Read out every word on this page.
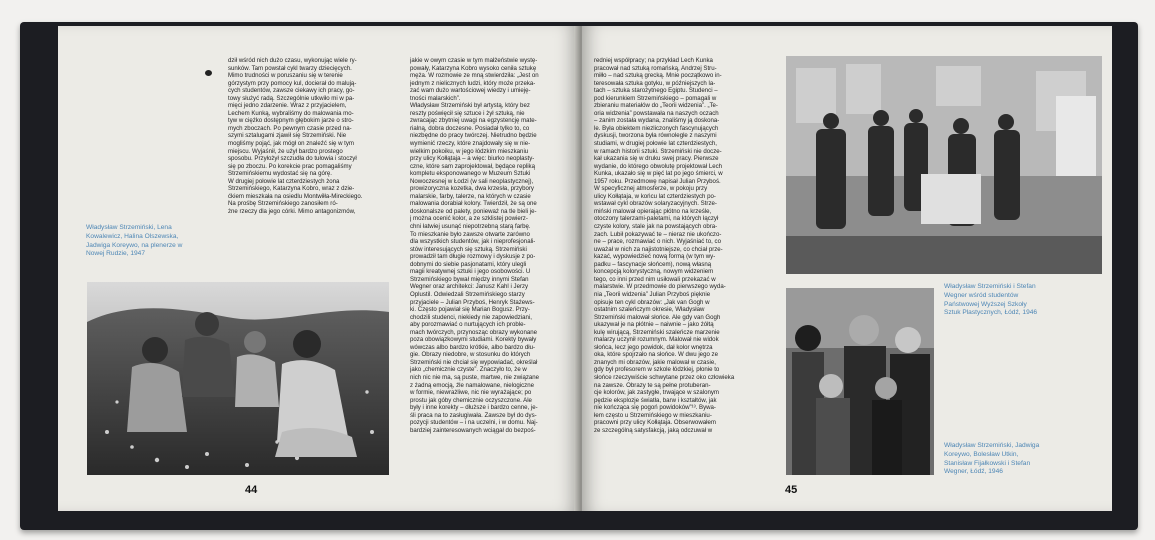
dził wśród nich dużo czasu, wykonując wiele ry-
sunków. Tam powstał cykl twarzy dziecięcych.
Mimo trudności w poruszaniu się w terenie
górzystym przy pomocy kul, docierał do malują-
cych studentów, zawsze ciekawy ich pracy, go-
towy służyć radą. Szczególnie utkwiło mi w pa-
mięci jedno zdarzenie. Wraz z przyjacielem,
Lechem Kunką, wybraliśmy do malowania mo-
tyw w ciężko dostępnym głębokim jarze o stro-
mych zboczach. Po pewnym czasie przed na-
szymi sztalugami zjawił się Strzemiński. Nie
mogliśmy pojąć, jak mógł on znaleźć się w tym
miejscu. Wyjaśnił, że użył bardzo prostego
sposobu. Przyłożył szczudła do tułowia i stoczył
się po zboczu. Po korekcie prac pomagaliśmy
Strzemińskiemu wydostać się na górę.
W drugiej połowie lat czterdziestych żona
Strzemińskiego, Katarzyna Kobro, wraz z dzie-
ćkiem mieszkała na osiedlu Montwiłła-Mireckiego.
Na prośbę Strzemińskiego zanosiłem ró-
żne rzeczy dla jego córki. Mimo antagonizmów,
Władysław Strzemiński, Lena
Kowalewicz, Halina Olszewska,
Jadwiga Koreywo, na plenerze w
Nowej Rudzie, 1947
jakie w owym czasie w tym małżeństwie wystę-
powały, Katarzyna Kobro wysoko ceniła sztukę
męża. W rozmowie ze mną stwierdziła: „Jest on
jednym z nielicznych ludzi, który może przeka-
zać wam dużo wartościowej wiedzy i umieję-
tności malarskich”.
Władysław Strzemiński był artystą, który bez
reszty poświęcił się sztuce i żył sztuką, nie
zwracając zbytniej uwagi na egzystencję mate-
rialną, dobra doczesne. Posiadał tylko to, co
niezbędne do pracy twórczej. Nietrudno będzie
wymienić rzeczy, które znajdowały się w nie-
wielkim pokoiku, w jego łódzkim mieszkaniu
przy ulicy Kołłątaja – a więc: biurko neoplasty-
czne, które sam zaprojektował, będące repliką
kompletu eksponowanego w Muzeum Sztuki
Nowoczesnej w Łodzi (w sali neoplastycznej),
prowizoryczna kozetka, dwa krzesła, przybory
malarskie, farby, talerze, na których w czasie
malowania dorabiał kolory. Twierdził, że są one
doskonalsze od palety, ponieważ na tle bieli je-
j można ocenić kolor, a ze szklistej powierz-
chni łatwiej usunąć niepotrzebną starą farbę.
To mieszkanie było zawsze otwarte zarówno
dla wszystkich studentów, jak i nieprofesjonali-
stów interesujących się sztuką. Strzemiński
prowadził tam długie rozmowy i dyskusje z po-
dobnymi do siebie pasjonatami, który ulegli
magii kreatywnej sztuki i jego osobowości. U
Strzemińskiego bywał między innymi Stefan
Wegner oraz architekci: Janusz Kahl i Jerzy
Oplustil. Odwiedzali Strzemińskiego starzy
przyjaciele – Julian Przyboś, Henryk Stażews-
ki. Często pojawiał się Marian Bogusz. Przy-
chodzili studenci, niekiedy nie zapowiedziani,
aby porozmawiać o nurtujących ich proble-
mach twórczych, przynosząc obrazy wykonane
poza obowiązkowymi studiami. Korekty bywały
wówczas albo bardzo krótkie, albo bardzo dłu-
gie. Obrazy niedobre, w stosunku do których
Strzemiński nie chciał się wypowiadać, określał
jako „chemicznie czyste”. Znaczyło to, że w
nich nic nie ma, są puste, martwe, nie związane
z żadną emocją, źle namalowane, nielogiczne
w formie, niewrażliwe, nic nie wyrażające; po
prostu jak góby chemicznie oczyszczone. Ale
były i inne korekty – dłuższe i bardzo cenne, je-
śli praca na to zasługiwała. Zawsze był do dys-
pozycji studentów – i na uczelni, i w domu. Naj-
bardziej zainteresowanych wciągał do bezpoś-
44
redniej współpracy; na przykład Lech Kunka
pracował nad sztuką romańską, Andrzej Stru-
miłło – nad sztuką grecką. Mnie początkowo in-
teresowała sztuka gotyku, w późniejszych la-
tach – sztuka starożytnego Egiptu. Studenci –
pod kierunkiem Strzemińskiego – pomagali w
zbieraniu materiałów do „Teorii widzenia”. „Te-
oria widzenia” powstawała na naszych oczach
– zanim została wydana, znaliśmy ją doskona-
le. Była obiektem niezliczonych fascynujących
dyskusji, tworzona była równolegle z naszymi
studiami, w drugiej połowie lat czterdziestych,
w ramach historii sztuki. Strzemiński nie docze-
kał ukazania się w druku swej pracy. Pierwsze
wydanie, do którego obwolutę projektował Lech
Kunka, ukazało się w pięć lat po jego śmierci, w
1957 roku. Przedmowę napisał Julian Przyboś.
W specyficznej atmosferze, w pokoju przy
ulicy Kołłątaja, w końcu lat czterdziestych po-
wstawał cykl obrazów solaryzacyjnych. Strze-
miński malował opierając płótno na krześle,
otoczony talerzami-paletami, na których łączył
czyste kolory, stale jak na powstających obra-
zach. Lubił pokazywać te – nieraz nie ukończo-
ne – prace, rozmawiać o nich. Wyjaśniać to, co
uważał w nich za najistotniejsze, co chciał prze-
kazać, wypowiedzieć nową formą (w tym wy-
padku – fascynacje słońcem), nową własną
koncepcją kolorystyczną, nowym widzeniem
tego, co inni przed nim usiłowali przekazać w
malarstwie. W przedmowie do pierwszego wyda-
nia „Teorii widzenia” Julian Przyboś pięknie
opisuje ten cykl obrazów: „Jak van Gogh w
ostatnim szaleńczym okresie, Władysław
Strzemiński malował słońce. Ale gdy van Gogh
ukazywał je na płótnie – naiwnie – jako żółtą
kulę wirującą, Strzemiński szaleńcze marzenie
malarzy uczynił rozumnym. Malował nie widok
słońca, lecz jego powidok, dał kolor wnętrza
oka, które spojrzało na słońce. W dwu jego ze
znanych mi obrazów, jakie malował w czasie,
gdy był profesorem w szkole łódzkiej, płonie to
słońce rzeczywiście schwytane przez oko człowieka
na zawsze. Obrazy te są pełne protuberan-
cje kolorów, jak zastygłe, trwające w szalonym
pędzie eksplozje światła, barw i kształtów, jak
nie kończąca się pogoń powidoków”¹³. Bywa-
łem często u Strzemińskiego w mieszkaniu-
pracowni przy ulicy Kołłątaja. Obserwowałem
ze szczególną satysfakcją, jaką odczuwał w
Władysław Strzemiński i Stefan
Wegner wśród studentów
Państwowej Wyższej Szkoły
Sztuk Plastycznych, Łódź, 1946
Władysław Strzemiński, Jadwiga
Koreywo, Bolesław Utkin,
Stanisław Fijałkowski i Stefan
Wegner, Łódź, 1946
45
